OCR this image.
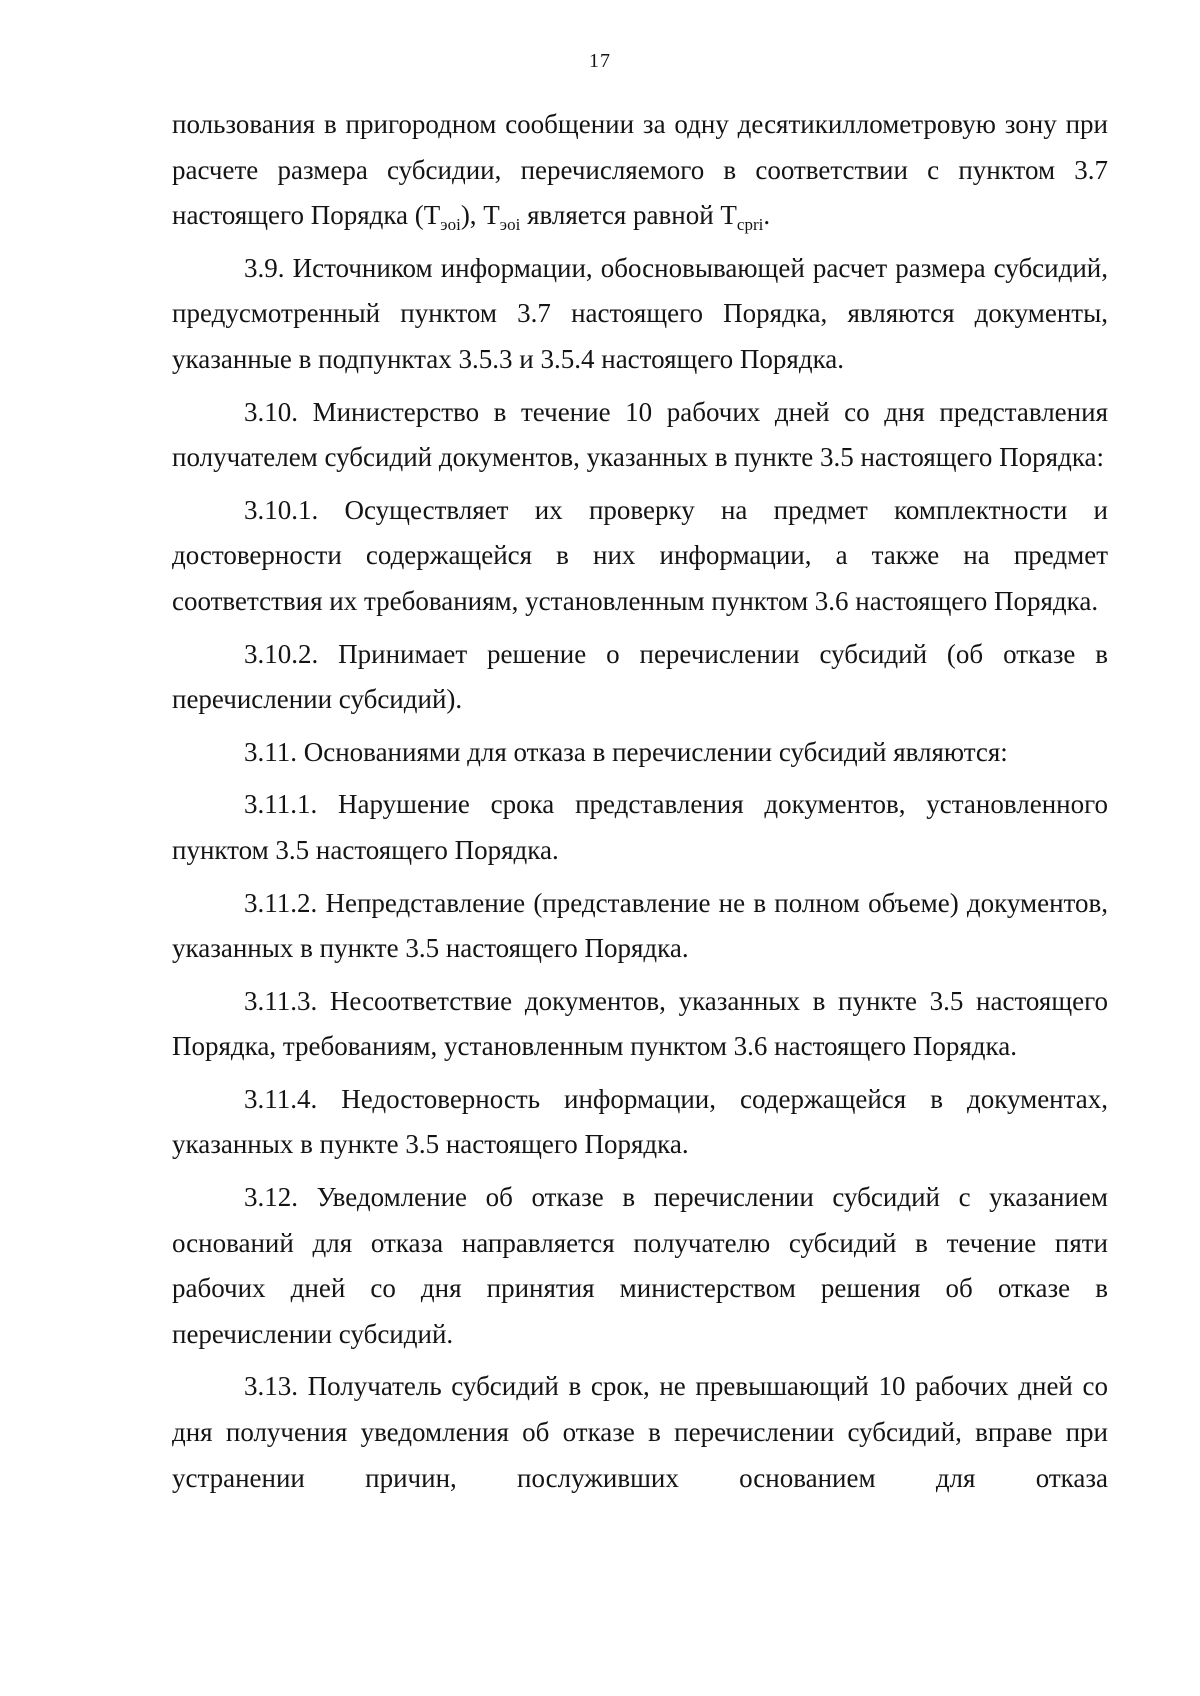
17

пользования в пригородном сообщении за одну десятикиллометровую зону при расчете размера субсидии, перечисляемого в соответствии с пунктом 3.7 настоящего Порядка $(Т_{эоi})$, $Т_{эоi}$ является равной $Т_{сpri}$.

3.9. Источником информации, обосновывающей расчет размера субсидий, предусмотренный пунктом 3.7 настоящего Порядка, являются документы, указанные в подпунктах 3.5.3 и 3.5.4 настоящего Порядка.

3.10. Министерство в течение 10 рабочих дней со дня представления получателем субсидий документов, указанных в пункте 3.5 настоящего Порядка:

3.10.1. Осуществляет их проверку на предмет комплектности и достоверности содержащейся в них информации, а также на предмет соответствия их требованиям, установленным пунктом 3.6 настоящего Порядка.

3.10.2. Принимает решение о перечислении субсидий (об отказе в перечислении субсидий).

3.11. Основаниями для отказа в перечислении субсидий являются:

3.11.1. Нарушение срока представления документов, установленного пунктом 3.5 настоящего Порядка.

3.11.2. Непредставление (представление не в полном объеме) документов, указанных в пункте 3.5 настоящего Порядка.

3.11.3. Несоответствие документов, указанных в пункте 3.5 настоящего Порядка, требованиям, установленным пунктом 3.6 настоящего Порядка.

3.11.4. Недостоверность информации, содержащейся в документах, указанных в пункте 3.5 настоящего Порядка.

3.12. Уведомление об отказе в перечислении субсидий с указанием оснований для отказа направляется получателю субсидий в течение пяти рабочих дней со дня принятия министерством решения об отказе в перечислении субсидий.

3.13. Получатель субсидий в срок, не превышающий 10 рабочих дней со дня получения уведомления об отказе в перечислении субсидий, вправе при устранении причин, послуживших основанием для отказа
